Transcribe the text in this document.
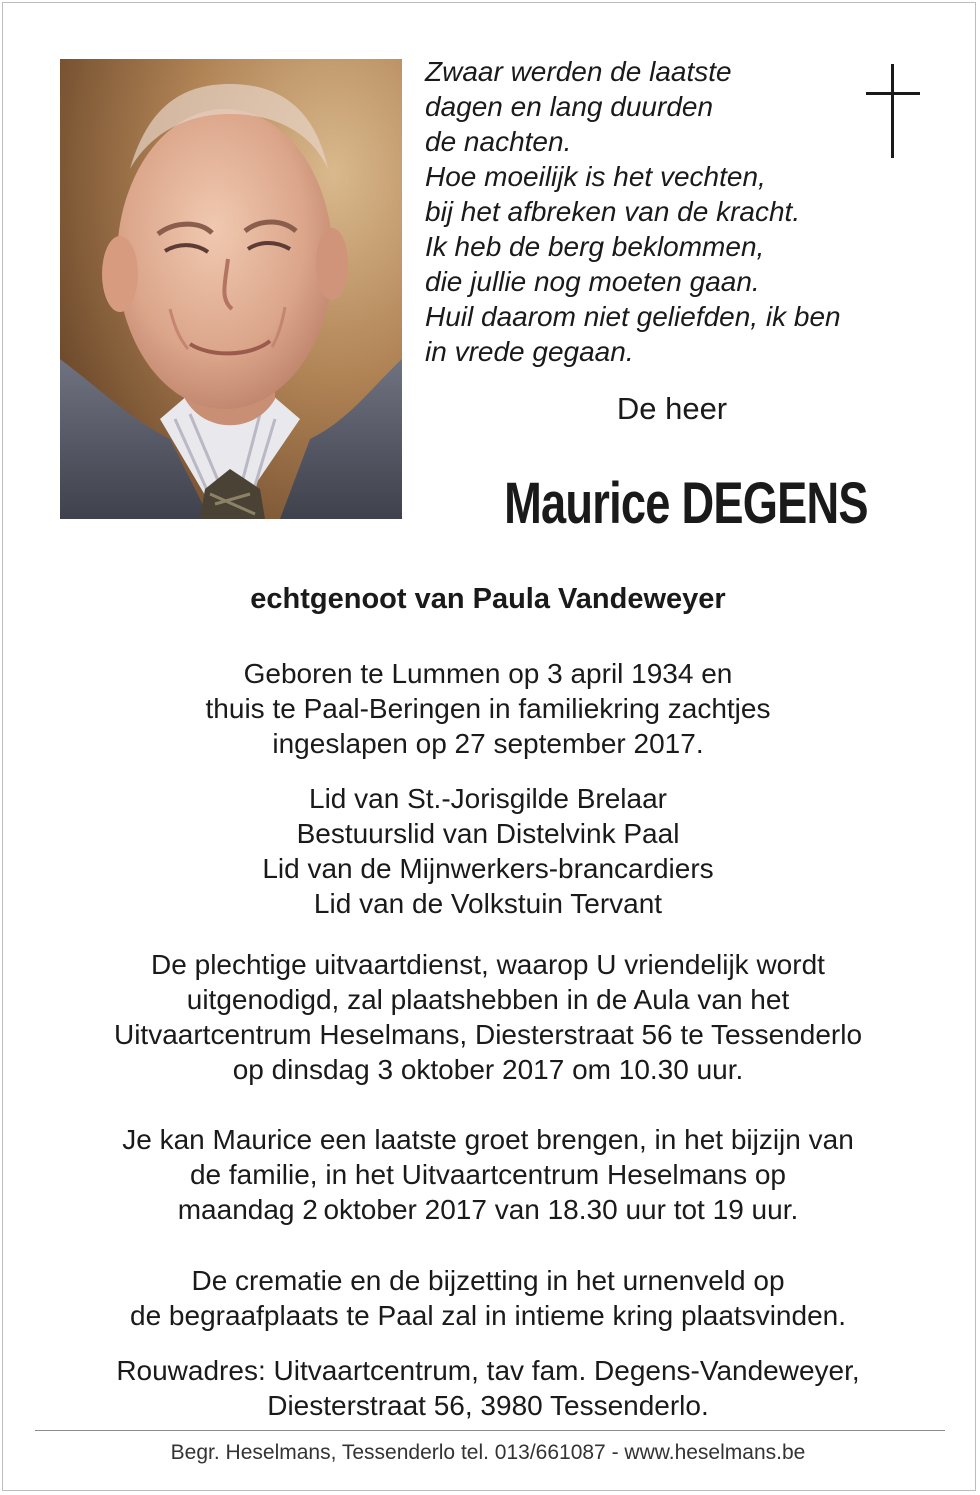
Zwaar werden de laatste
dagen en lang duurden
de nachten.
Hoe moeilijk is het vechten,
bij het afbreken van de kracht.
Ik heb de berg beklommen,
die jullie nog moeten gaan.
Huil daarom niet geliefden, ik ben
in vrede gegaan.
De heer
Maurice DEGENS
echtgenoot van Paula Vandeweyer
Geboren te Lummen op 3 april 1934 en
thuis te Paal-Beringen in familiekring zachtjes
ingeslapen op 27 september 2017.
Lid van St.-Jorisgilde Brelaar
Bestuurslid van Distelvink Paal
Lid van de Mijnwerkers-brancardiers
Lid van de Volkstuin Tervant
De plechtige uitvaartdienst, waarop U vriendelijk wordt
uitgenodigd, zal plaatshebben in de Aula van het
Uitvaartcentrum Heselmans, Diesterstraat 56 te Tessenderlo
op dinsdag 3 oktober 2017 om 10.30 uur.
Je kan Maurice een laatste groet brengen, in het bijzijn van
de familie, in het Uitvaartcentrum Heselmans op
maandag 2 oktober 2017 van 18.30 uur tot 19 uur.
De crematie en de bijzetting in het urnenveld op
de begraafplaats te Paal zal in intieme kring plaatsvinden.
Rouwadres: Uitvaartcentrum, tav fam. Degens-Vandeweyer,
Diesterstraat 56, 3980 Tessenderlo.
Begr. Heselmans, Tessenderlo tel. 013/661087 - www.heselmans.be
